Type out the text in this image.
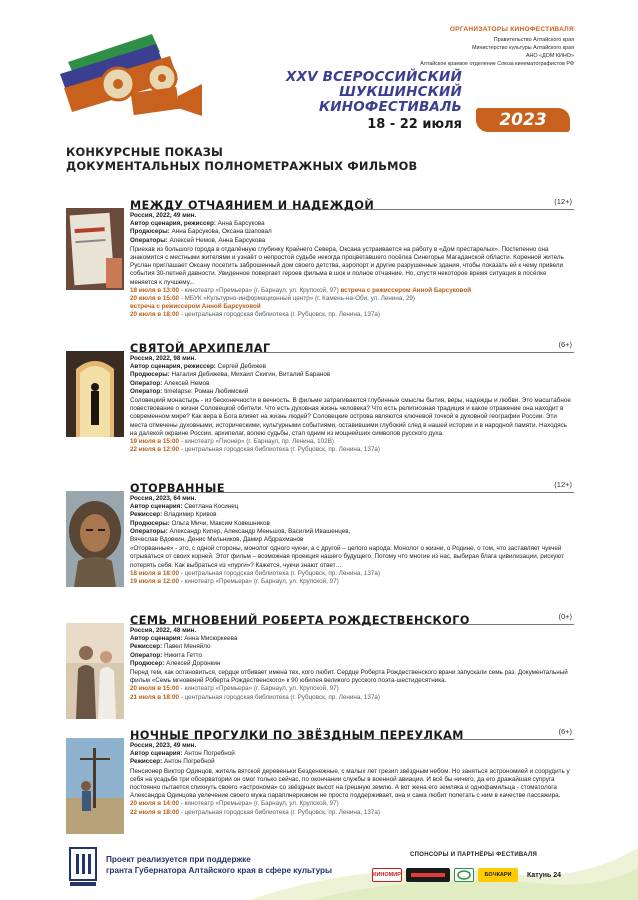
XXV ВСЕРОССИЙСКИЙ
ШУКШИНСКИЙ КИНОФЕСТИВАЛЬ
18 - 22 июля	2023
ОРГАНИЗАТОРЫ КИНОФЕСТИВАЛЯ
Правительство Алтайского края
Министерство культуры Алтайского края
АНО «ДОМ КИНО»
Алтайское краевое отделение Союза кинематографистов РФ
КОНКУРСНЫЕ ПОКАЗЫ
ДОКУМЕНТАЛЬНЫХ ПОЛНОМЕТРАЖНЫХ ФИЛЬМОВ
МЕЖДУ ОТЧАЯНИЕМ И НАДЕЖДОЙ	(12+)
Россия, 2022, 49 мин.
Автор сценария, режиссер: Анна Барсукова
Продюсеры: Анна Барсукова, Оксана Шаповал
Операторы: Алексей Немов, Анна Барсукова
Приехав из большого города в отдалённую глубинку Крайнего Севера, Оксана устраивается на работу в «Дом престарелых». Постепенно она знакомится с местными жителями и узнаёт о непростой судьбе некогда процветавшего посёлка Синегорье Магаданской области. Коренной житель Руслан приглашает Оксану посетить заброшенный дом своего детства, аэропорт и другие разрушенные здания, чтобы показать ей к чему привели события 30-летней давности. Увиденное повергает героев фильма в шок и полное отчаяние. Но, спустя некоторое время ситуация в посёлке меняется к лучшему...
18 июля в 13:00 - кинотеатр «Премьера» (г. Барнаул, ул. Крупской, 97) встреча с режиссером Анной Барсуковой
20 июля в 15:00 - МБУК «Культурно-информационный центр» (г. Камень-на-Оби, ул. Ленина, 29)
встреча с режиссером Анной Барсуковой
20 июля в 18:00 - центральная городская библиотека (г. Рубцовск, пр. Ленина, 137а)
СВЯТОЙ АРХИПЕЛАГ	(6+)
Россия, 2022, 98 мин.
Автор сценария, режиссер: Сергей Дебижев
Продюсеры: Наталия Дебижева, Михаил Скигин, Виталий Баранов
Оператор: Алексей Немов
Оператор: timelapse: Роман Любимский
Соловецкий монастырь - из бесконечности в вечность. В фильме затрагиваются глубинные смыслы бытия, веры, надежды и любви. Это масштабное повествование о жизни Соловецкой обители. Что есть духовная жизнь человека? Что есть религиозная традиция и какое отражение она находит в современном мире? Как вера в Бога влияет на жизнь людей? Соловецкие острова являются ключевой точкой в духовной географии России. Эти места отмечены духовными, историческими, культурными событиями, оставившими глубокий след в нашей истории и в народной памяти. Находясь на далекой окраине России, архипелаг, волею судьбы, стал одним из мощнейших символов русского духа.
19 июля в 15:00 - кинотеатр «Пионер» (г. Барнаул, пр. Ленина, 102В)
22 июля в 12:00 - центральная городская библиотека (г. Рубцовск, пр. Ленина, 137а)
ОТОРВАННЫЕ	(12+)
Россия, 2023, 64 мин.
Автор сценария: Светлана Косинец
Режиссер: Владимир Кривов
Продюсеры: Ольга Мичи, Максим Ковешников
Операторы: Александр Кипер, Александр Меньшов, Василий Ивашенцев,
Вячеслав Вдовкин, Денис Мельников, Дамир Абдрахманов
«Оторванные» - это, с одной стороны, монолог одного чукчи, а с другой – целого народа. Монолог о жизни, о Родине, о том, что заставляет чукчей отрываться от своих корней. Этот фильм – возможная проекция нашего будущего. Потому что многие из нас, выбирая блага цивилизации, рискуют потерять себя. Как выбраться из «пурги»? Кажется, чукчи знают ответ…
18 июля в 18:00 - центральная городская библиотека (г. Рубцовск, пр. Ленина, 137а)
19 июля в 12:00 - кинотеатр «Премьера» (г. Барнаул, ул. Крупской, 97)
СЕМЬ МГНОВЕНИЙ РОБЕРТА РОЖДЕСТВЕНСКОГО	(0+)
Россия, 2022, 48 мин.
Автор сценария: Анна Мисюркеева
Режиссер: Павел Меняйло
Оператор: Никита Гетто
Продюсер: Алексей Доронкин
Перед тем, как остановиться, сердце отбивает имена тех, кого любит. Сердце Роберта Рождественского врачи запускали семь раз. Документальный фильм «Семь мгновений Роберта Рождественского» к 90 юбилея великого русского поэта-шестидесятника.
20 июля в 15:00 - кинотеатр «Премьера» (г. Барнаул, ул. Крупской, 97)
21 июля в 18:00 - центральная городская библиотека (г. Рубцовск, пр. Ленина, 137а)
НОЧНЫЕ ПРОГУЛКИ ПО ЗВЁЗДНЫМ ПЕРЕУЛКАМ	(6+)
Россия, 2023, 49 мин.
Автор сценария: Антон Погребной
Режиссер: Антон Погребной
Пенсионер Виктор Одинцов, житель вятской деревеньки Безденежные, с малых лет грезил звёздным небом. Но заняться астрономией и соорудить у себя на усадьбе три обсерватории он смог только сейчас, по окончании службы в военной авиации. И всё бы ничего, да его дражайшая супруга постоянно пытается спихнуть своего «астронома» со звёздных высот на грешную землю. А вот жена его земляка и однофамильца - стоматолога Александра Одинцова увлечение своего мужа параплнеризмом не просто поддерживает, она и сама любит полетать с ним в качестве пассажира.
20 июля в 14:00 - кинотеатр «Премьера» (г. Барнаул, ул. Крупской, 97)
22 июля в 18:00 - центральная городская библиотека (г. Рубцовск, пр. Ленина, 137а)
Проект реализуется при поддержке
гранта Губернатора Алтайского края в сфере культуры
СПОНСОРЫ И ПАРТНЁРЫ ФЕСТИВАЛЯ
КИНОМИР	БОЧКАРИ	Катунь 24
